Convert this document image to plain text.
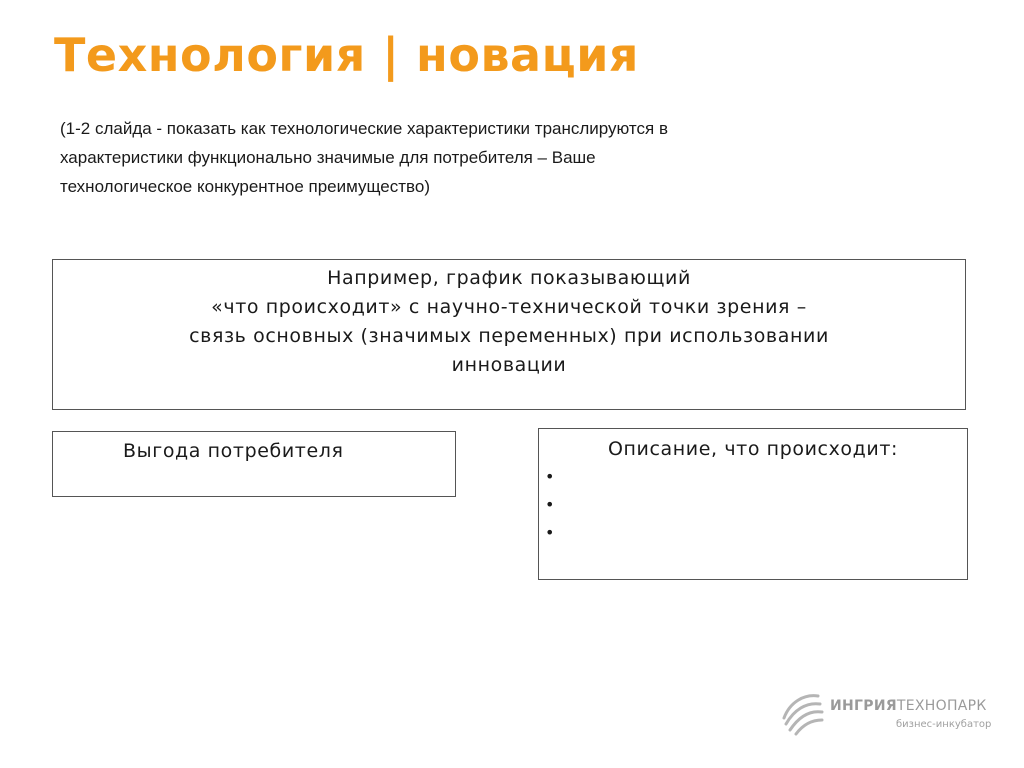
Технология | новация
(1-2 слайда - показать как технологические характеристики транслируются в
характеристики функционально значимые для потребителя – Ваше
технологическое конкурентное преимущество)
Например, график показывающий
«что происходит» с научно-технической точки зрения –
связь основных (значимых переменных) при использовании
инновации
Выгода потребителя	Описание, что происходит:
•
•
•
ИНГРИЯТЕХНОПАРК
бизнес-инкубатор
